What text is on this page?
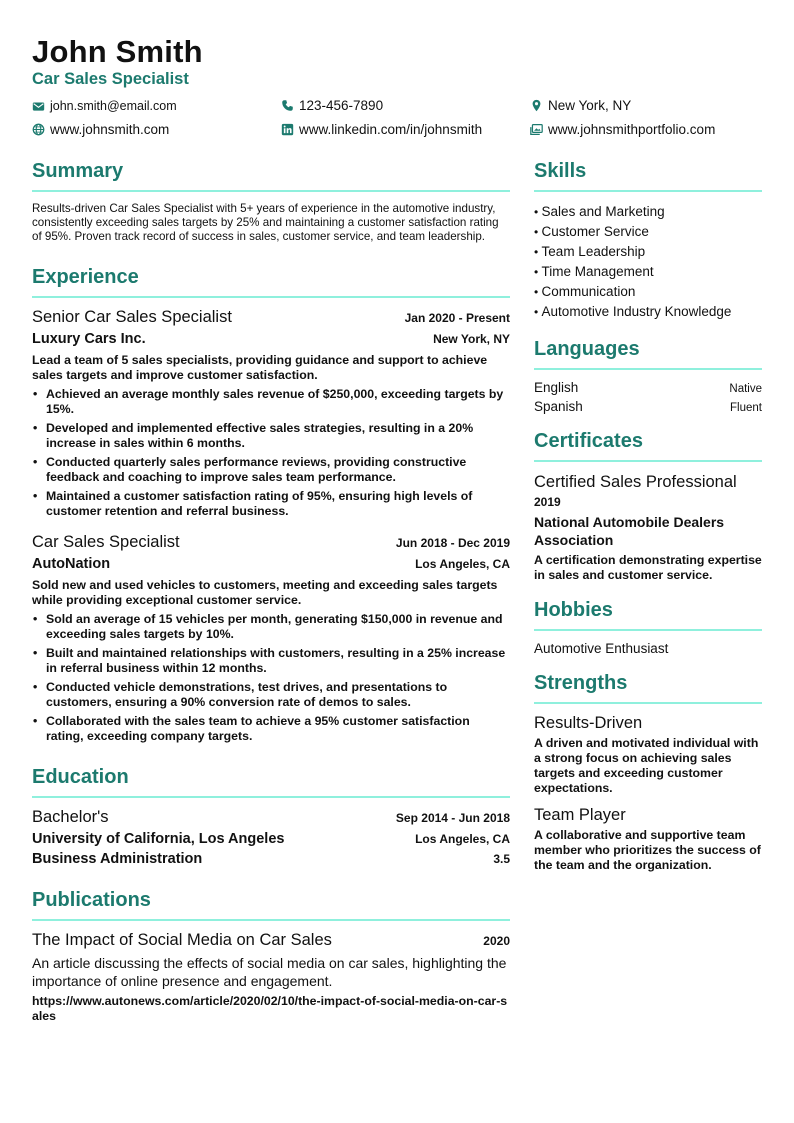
John Smith
Car Sales Specialist
john.smith@email.com	123-456-7890	New York, NY
www.johnsmith.com	www.linkedin.com/in/johnsmith	www.johnsmithportfolio.com
Summary
Results-driven Car Sales Specialist with 5+ years of experience in the automotive industry, consistently exceeding sales targets by 25% and maintaining a customer satisfaction rating of 95%. Proven track record of success in sales, customer service, and team leadership.
Experience
Senior Car Sales Specialist	Jan 2020 - Present
Luxury Cars Inc.	New York, NY
Lead a team of 5 sales specialists, providing guidance and support to achieve sales targets and improve customer satisfaction.
• Achieved an average monthly sales revenue of $250,000, exceeding targets by 15%.
• Developed and implemented effective sales strategies, resulting in a 20% increase in sales within 6 months.
• Conducted quarterly sales performance reviews, providing constructive feedback and coaching to improve sales team performance.
• Maintained a customer satisfaction rating of 95%, ensuring high levels of customer retention and referral business.
Car Sales Specialist	Jun 2018 - Dec 2019
AutoNation	Los Angeles, CA
Sold new and used vehicles to customers, meeting and exceeding sales targets while providing exceptional customer service.
• Sold an average of 15 vehicles per month, generating $150,000 in revenue and exceeding sales targets by 10%.
• Built and maintained relationships with customers, resulting in a 25% increase in referral business within 12 months.
• Conducted vehicle demonstrations, test drives, and presentations to customers, ensuring a 90% conversion rate of demos to sales.
• Collaborated with the sales team to achieve a 95% customer satisfaction rating, exceeding company targets.
Education
Bachelor's	Sep 2014 - Jun 2018
University of California, Los Angeles	Los Angeles, CA
Business Administration	3.5
Publications
The Impact of Social Media on Car Sales	2020
An article discussing the effects of social media on car sales, highlighting the importance of online presence and engagement.
https://www.autonews.com/article/2020/02/10/the-impact-of-social-media-on-car-sales
Skills
• Sales and Marketing
• Customer Service
• Team Leadership
• Time Management
• Communication
• Automotive Industry Knowledge
Languages
English	Native
Spanish	Fluent
Certificates
Certified Sales Professional
2019
National Automobile Dealers Association
A certification demonstrating expertise in sales and customer service.
Hobbies
Automotive Enthusiast
Strengths
Results-Driven
A driven and motivated individual with a strong focus on achieving sales targets and exceeding customer expectations.
Team Player
A collaborative and supportive team member who prioritizes the success of the team and the organization.
